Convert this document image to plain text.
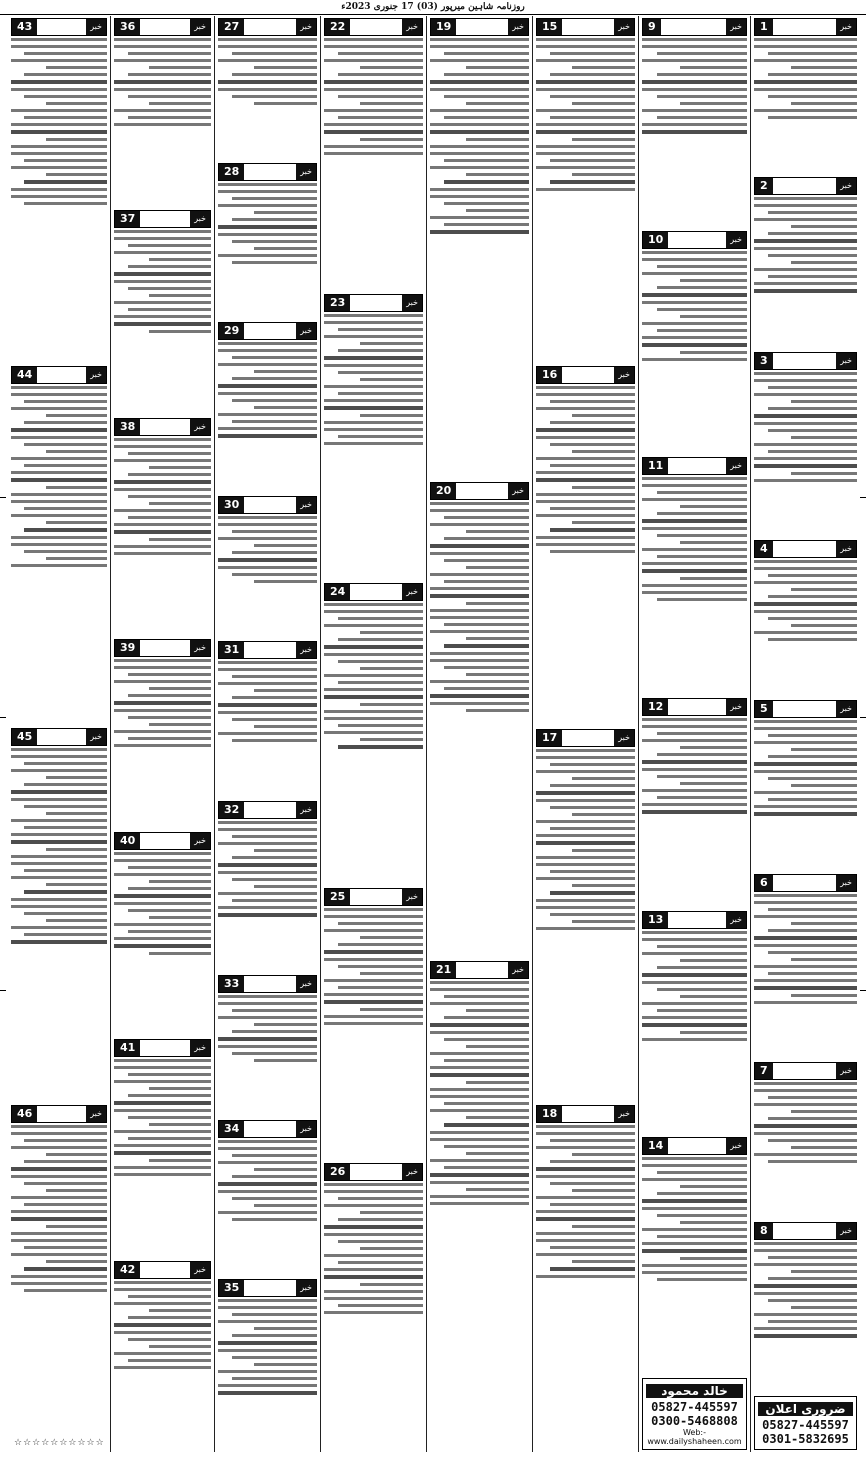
روزنامہ شاہین میرپور (03) 17 جنوری 2023ء
خبر
1
خبر
2
خبر
3
خبر
4
خبر
5
خبر
6
خبر
7
خبر
8
ضروری اعلان
05827-445597
0301-5832695
خبر
9
خبر
10
خبر
11
خبر
12
خبر
13
خبر
14
خالد محمود
05827-445597
0300-5468808
Web:-www.dailyshaheen.com
خبر
15
خبر
16
خبر
17
خبر
18
خبر
19
خبر
20
خبر
21
خبر
22
خبر
23
خبر
24
خبر
25
خبر
26
خبر
27
خبر
28
خبر
29
خبر
30
خبر
31
خبر
32
خبر
33
خبر
34
خبر
35
خبر
36
خبر
37
خبر
38
خبر
39
خبر
40
خبر
41
خبر
42
خبر
43
خبر
44
خبر
45
خبر
46
☆☆☆☆☆☆☆☆☆☆
